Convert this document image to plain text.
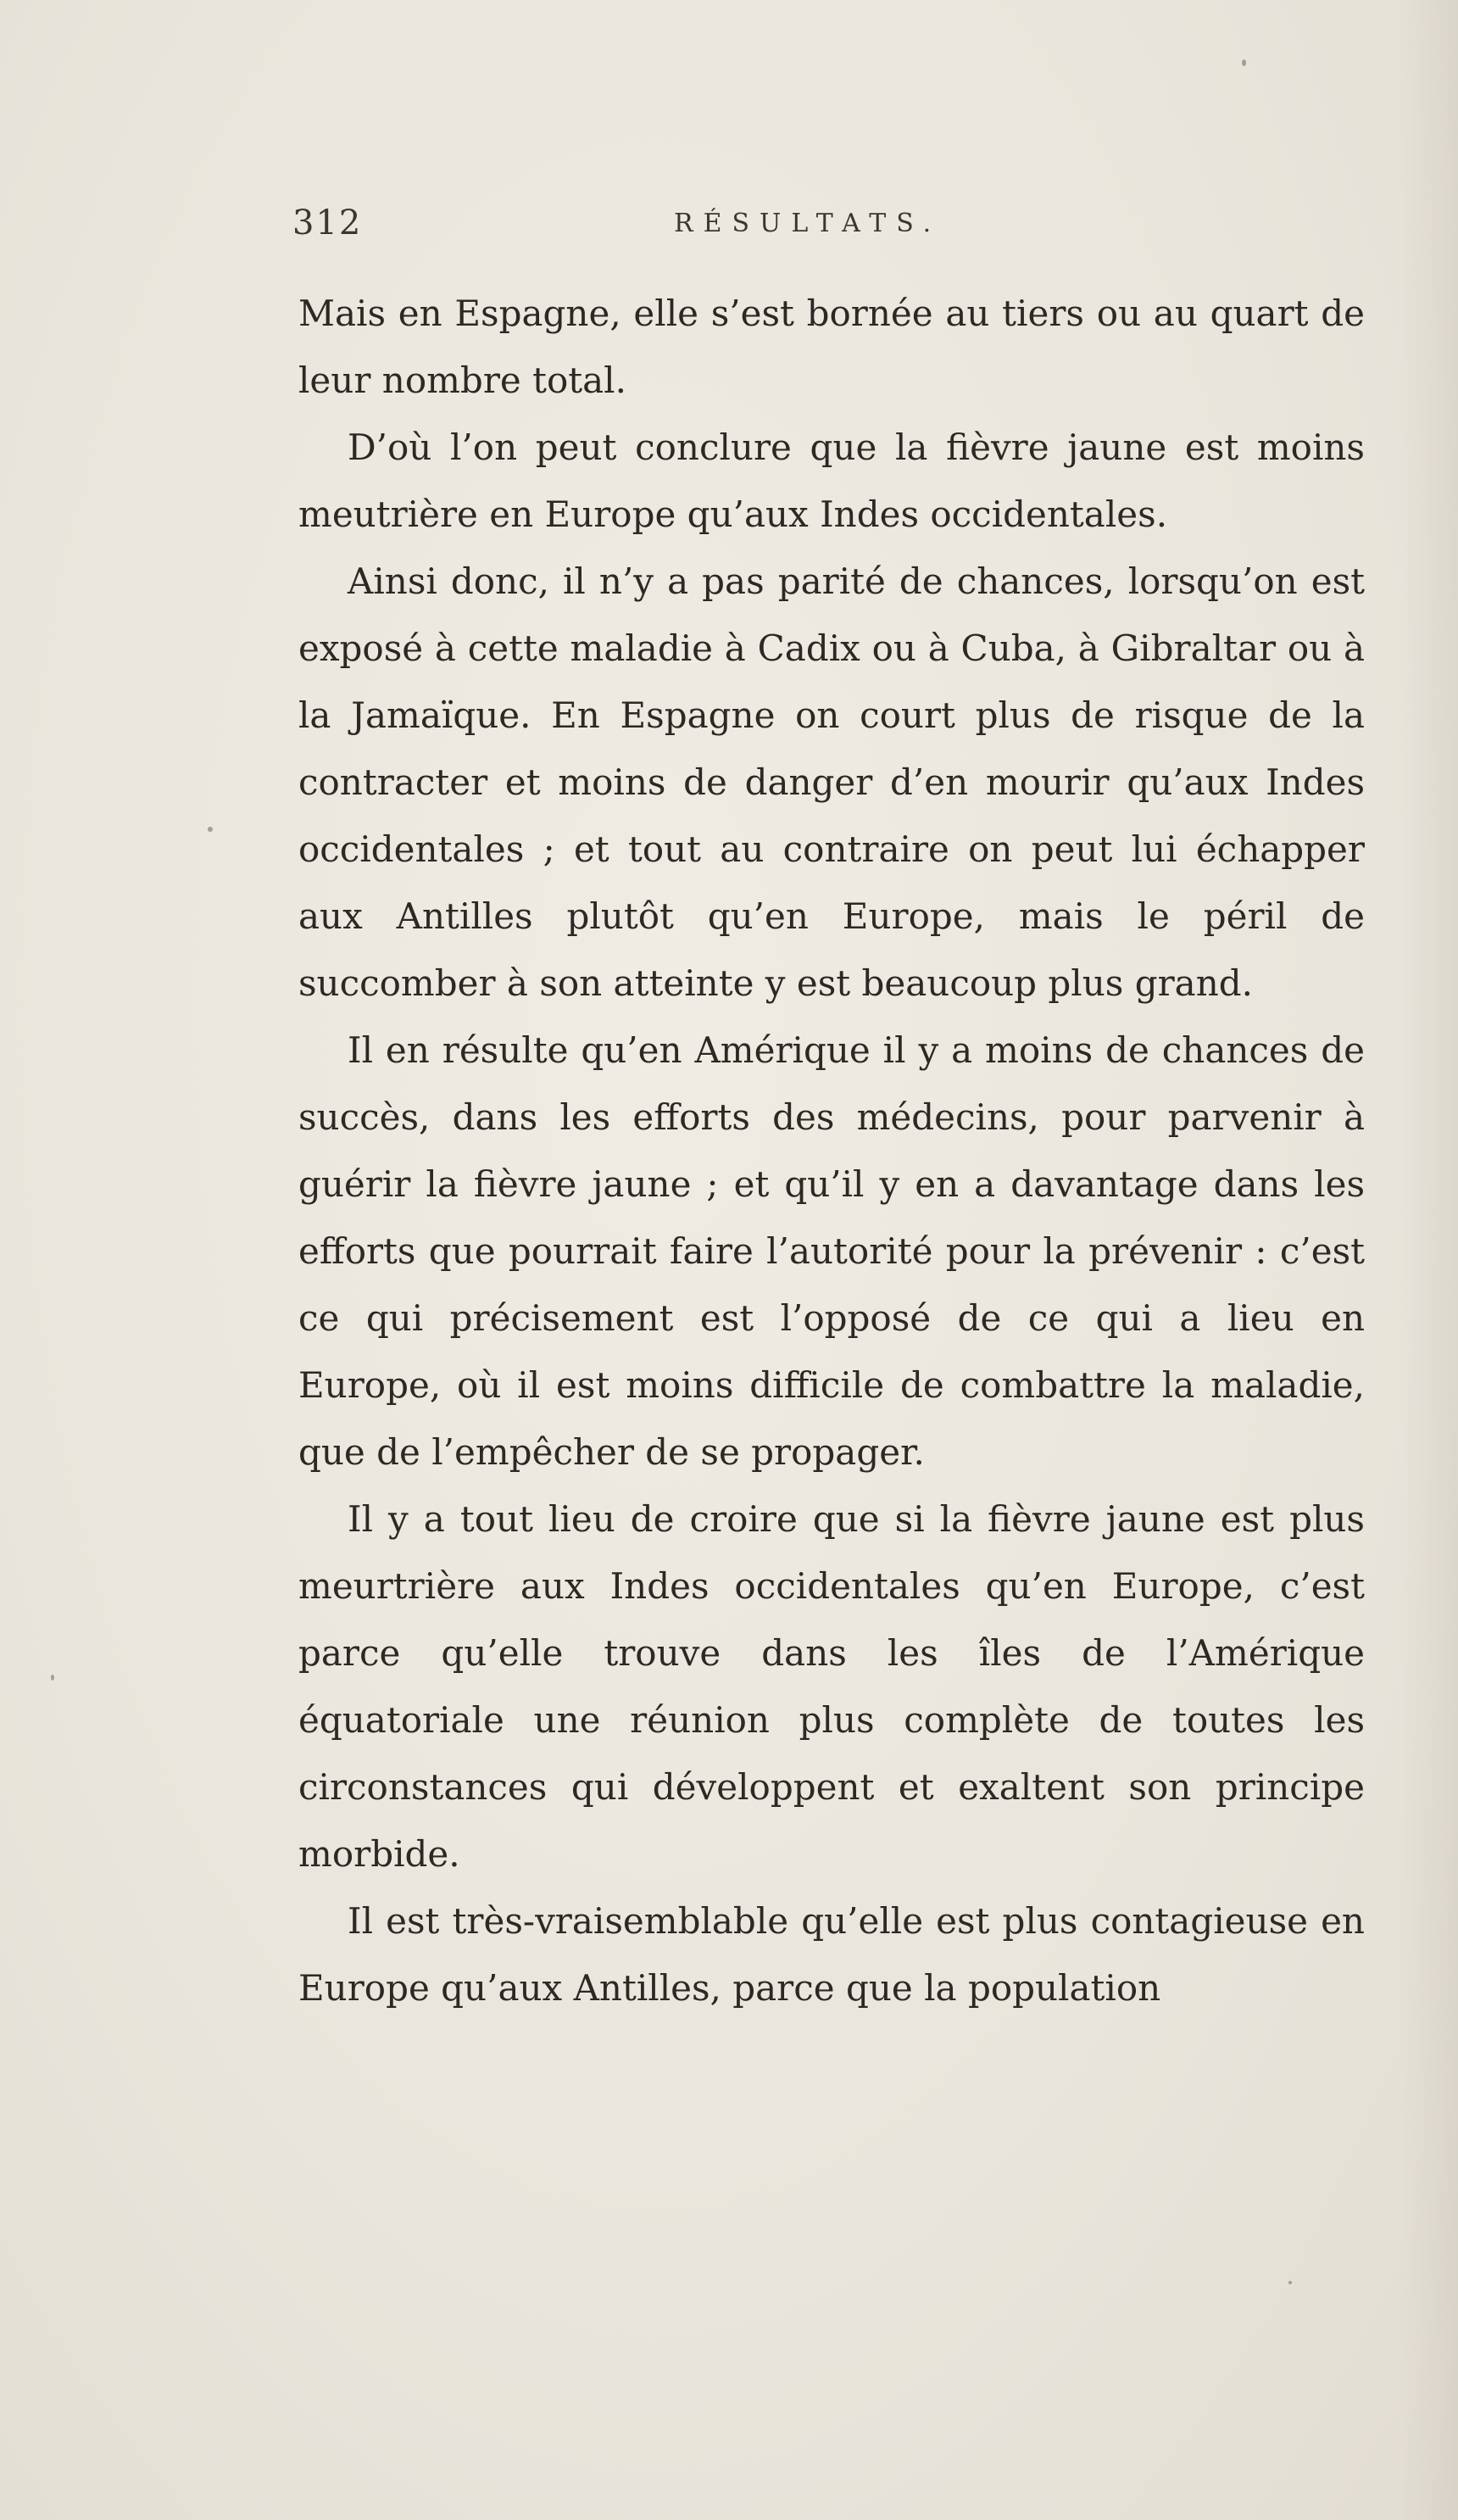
312	RÉSULTATS.

Mais en Espagne, elle s’est bornée au tiers ou au quart de leur nombre total.

D’où l’on peut conclure que la fièvre jaune est moins meutrière en Europe qu’aux Indes occidentales.

Ainsi donc, il n’y a pas parité de chances, lorsqu’on est exposé à cette maladie à Cadix ou à Cuba, à Gibraltar ou à la Jamaïque. En Espagne on court plus de risque de la contracter et moins de danger d’en mourir qu’aux Indes occidentales ; et tout au contraire on peut lui échapper aux Antilles plutôt qu’en Europe, mais le péril de succomber à son atteinte y est beaucoup plus grand.

Il en résulte qu’en Amérique il y a moins de chances de succès, dans les efforts des médecins, pour parvenir à guérir la fièvre jaune ; et qu’il y en a davantage dans les efforts que pourrait faire l’autorité pour la prévenir : c’est ce qui précisement est l’opposé de ce qui a lieu en Europe, où il est moins difficile de combattre la maladie, que de l’empêcher de se propager.

Il y a tout lieu de croire que si la fièvre jaune est plus meurtrière aux Indes occidentales qu’en Europe, c’est parce qu’elle trouve dans les îles de l’Amérique équatoriale une réunion plus complète de toutes les circonstances qui développent et exaltent son principe morbide.

Il est très-vraisemblable qu’elle est plus contagieuse en Europe qu’aux Antilles, parce que la population
